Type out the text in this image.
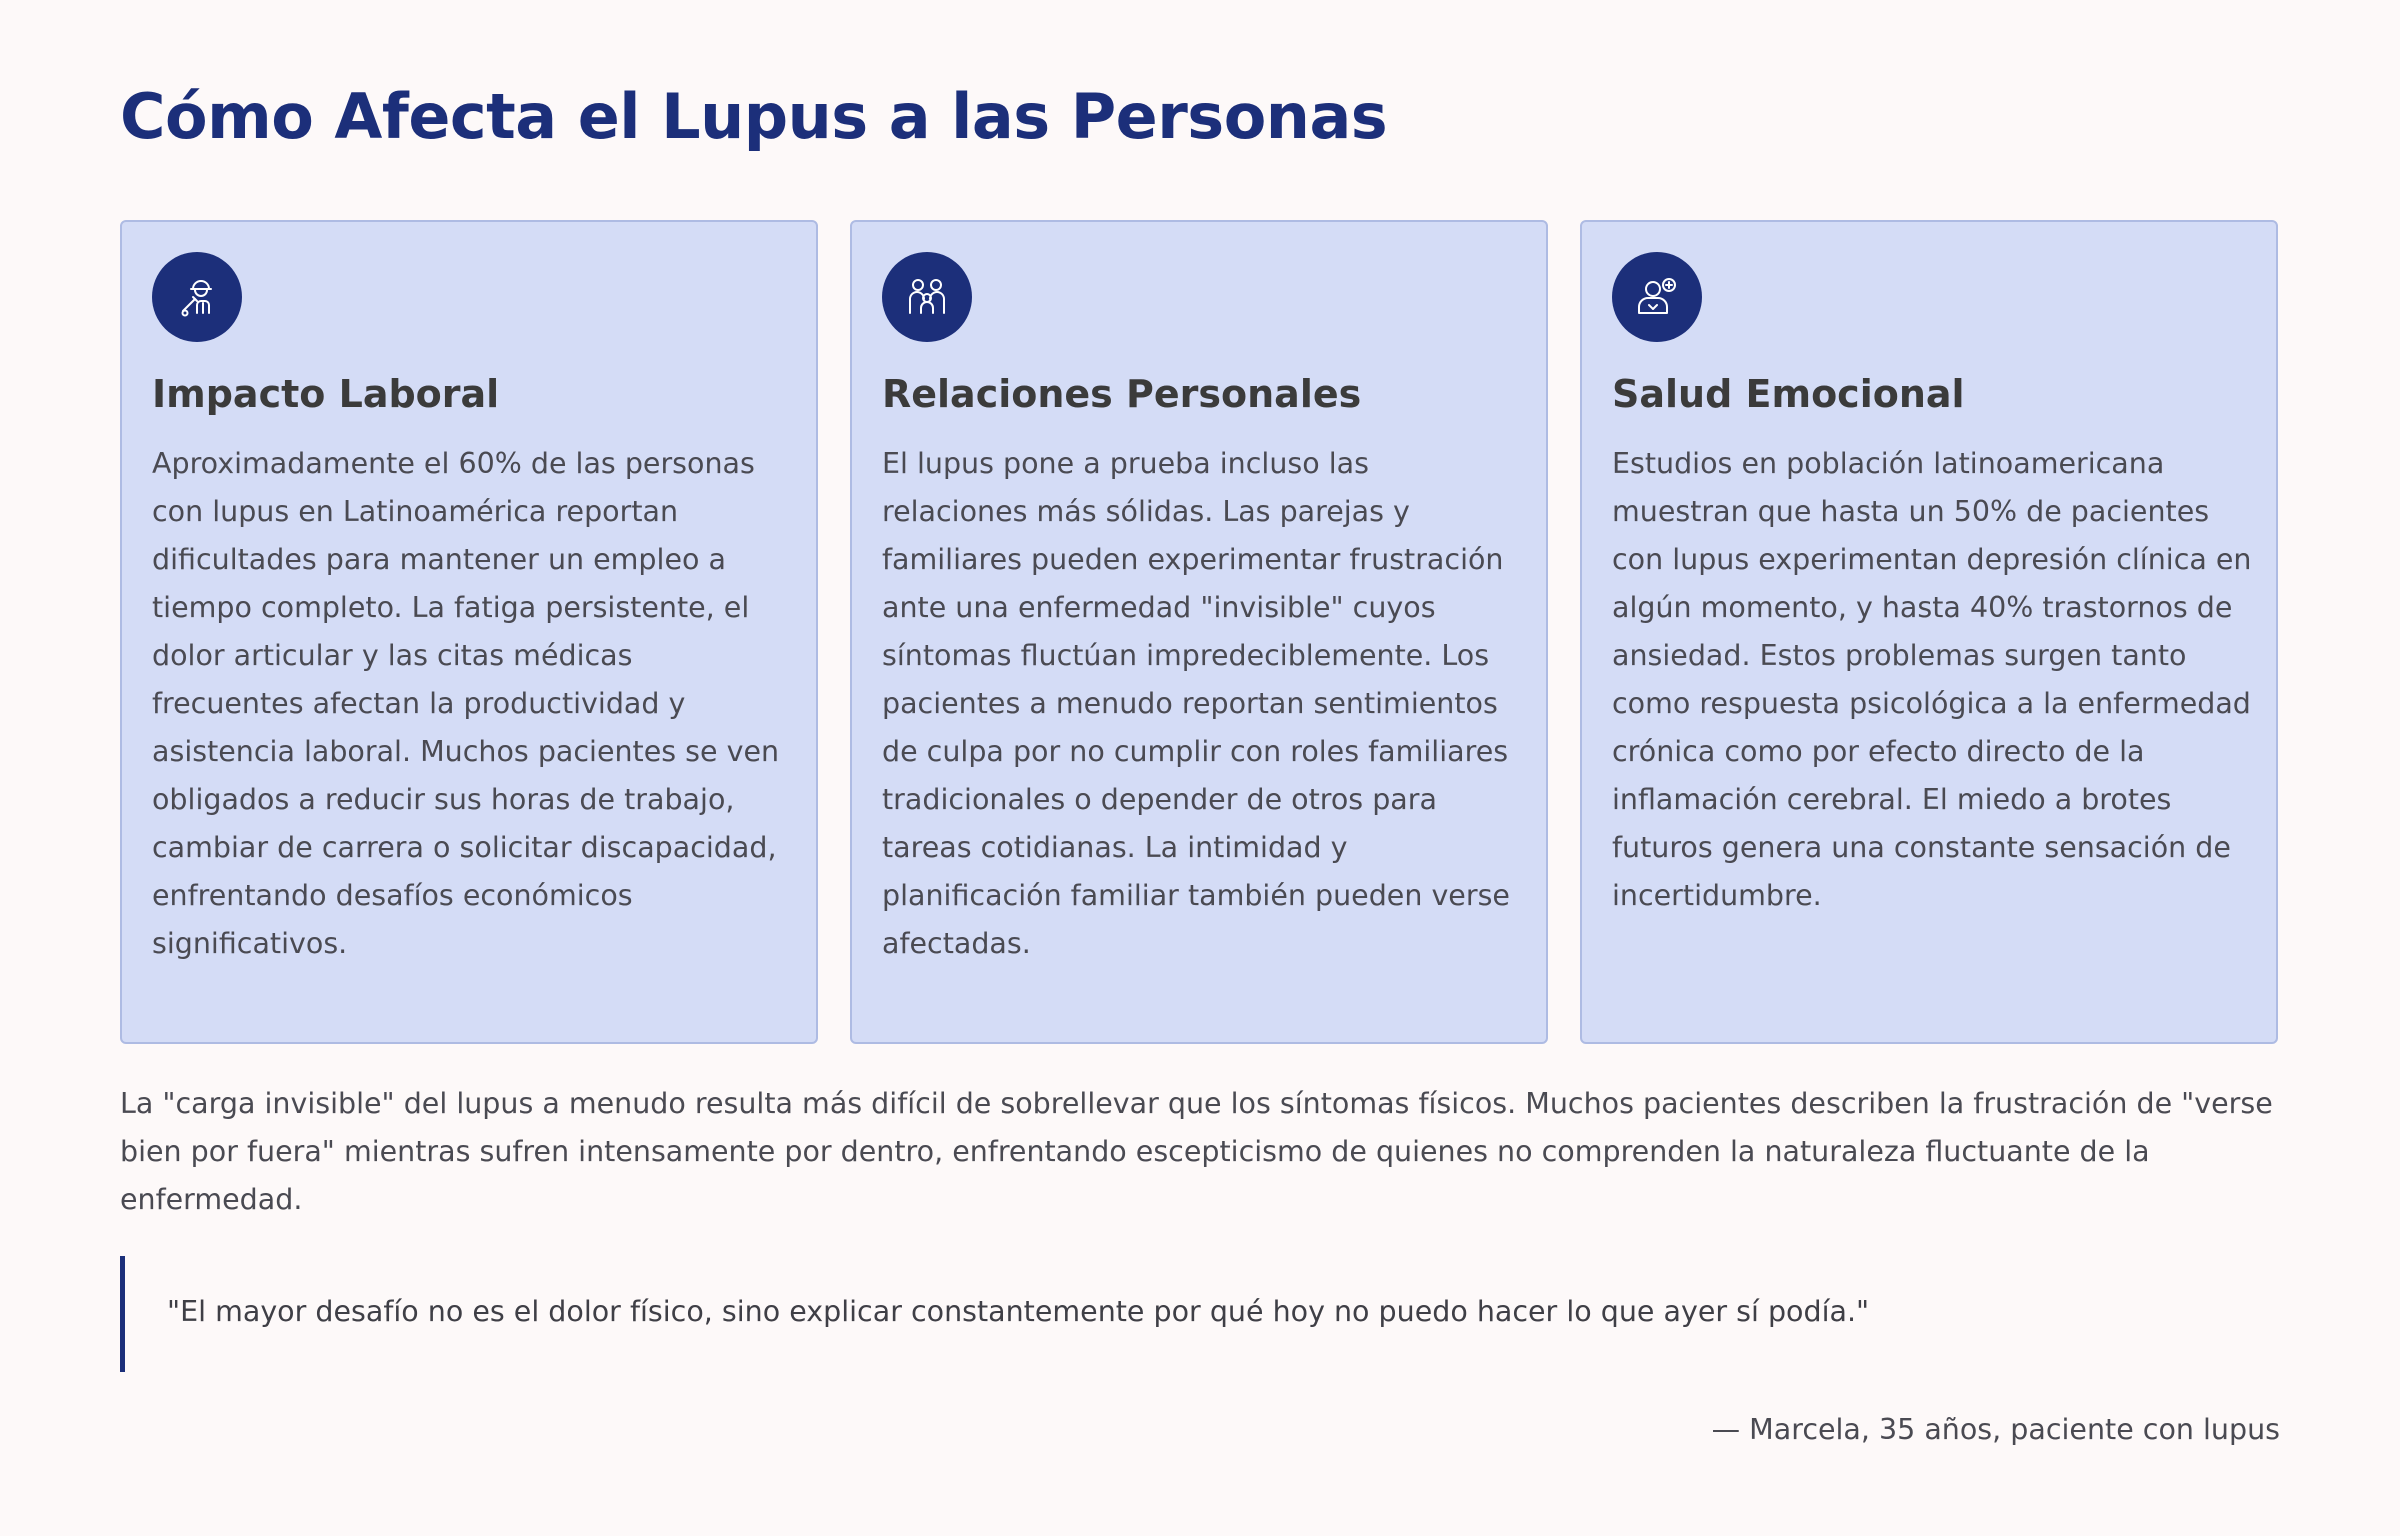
Cómo Afecta el Lupus a las Personas
Impacto Laboral

Aproximadamente el 60% de las personas con lupus en Latinoamérica reportan dificultades para mantener un empleo a tiempo completo. La fatiga persistente, el dolor articular y las citas médicas frecuentes afectan la productividad y asistencia laboral. Muchos pacientes se ven obligados a reducir sus horas de trabajo, cambiar de carrera o solicitar discapacidad, enfrentando desafíos económicos significativos.

Relaciones Personales

El lupus pone a prueba incluso las relaciones más sólidas. Las parejas y familiares pueden experimentar frustración ante una enfermedad "invisible" cuyos síntomas fluctúan impredeciblemente. Los pacientes a menudo reportan sentimientos de culpa por no cumplir con roles familiares tradicionales o depender de otros para tareas cotidianas. La intimidad y planificación familiar también pueden verse afectadas.

Salud Emocional

Estudios en población latinoamericana muestran que hasta un 50% de pacientes con lupus experimentan depresión clínica en algún momento, y hasta 40% trastornos de ansiedad. Estos problemas surgen tanto como respuesta psicológica a la enfermedad crónica como por efecto directo de la inflamación cerebral. El miedo a brotes futuros genera una constante sensación de incertidumbre.

La "carga invisible" del lupus a menudo resulta más difícil de sobrellevar que los síntomas físicos. Muchos pacientes describen la frustración de "verse bien por fuera" mientras sufren intensamente por dentro, enfrentando escepticismo de quienes no comprenden la naturaleza fluctuante de la enfermedad.

"El mayor desafío no es el dolor físico, sino explicar constantemente por qué hoy no puedo hacer lo que ayer sí podía."

— Marcela, 35 años, paciente con lupus
